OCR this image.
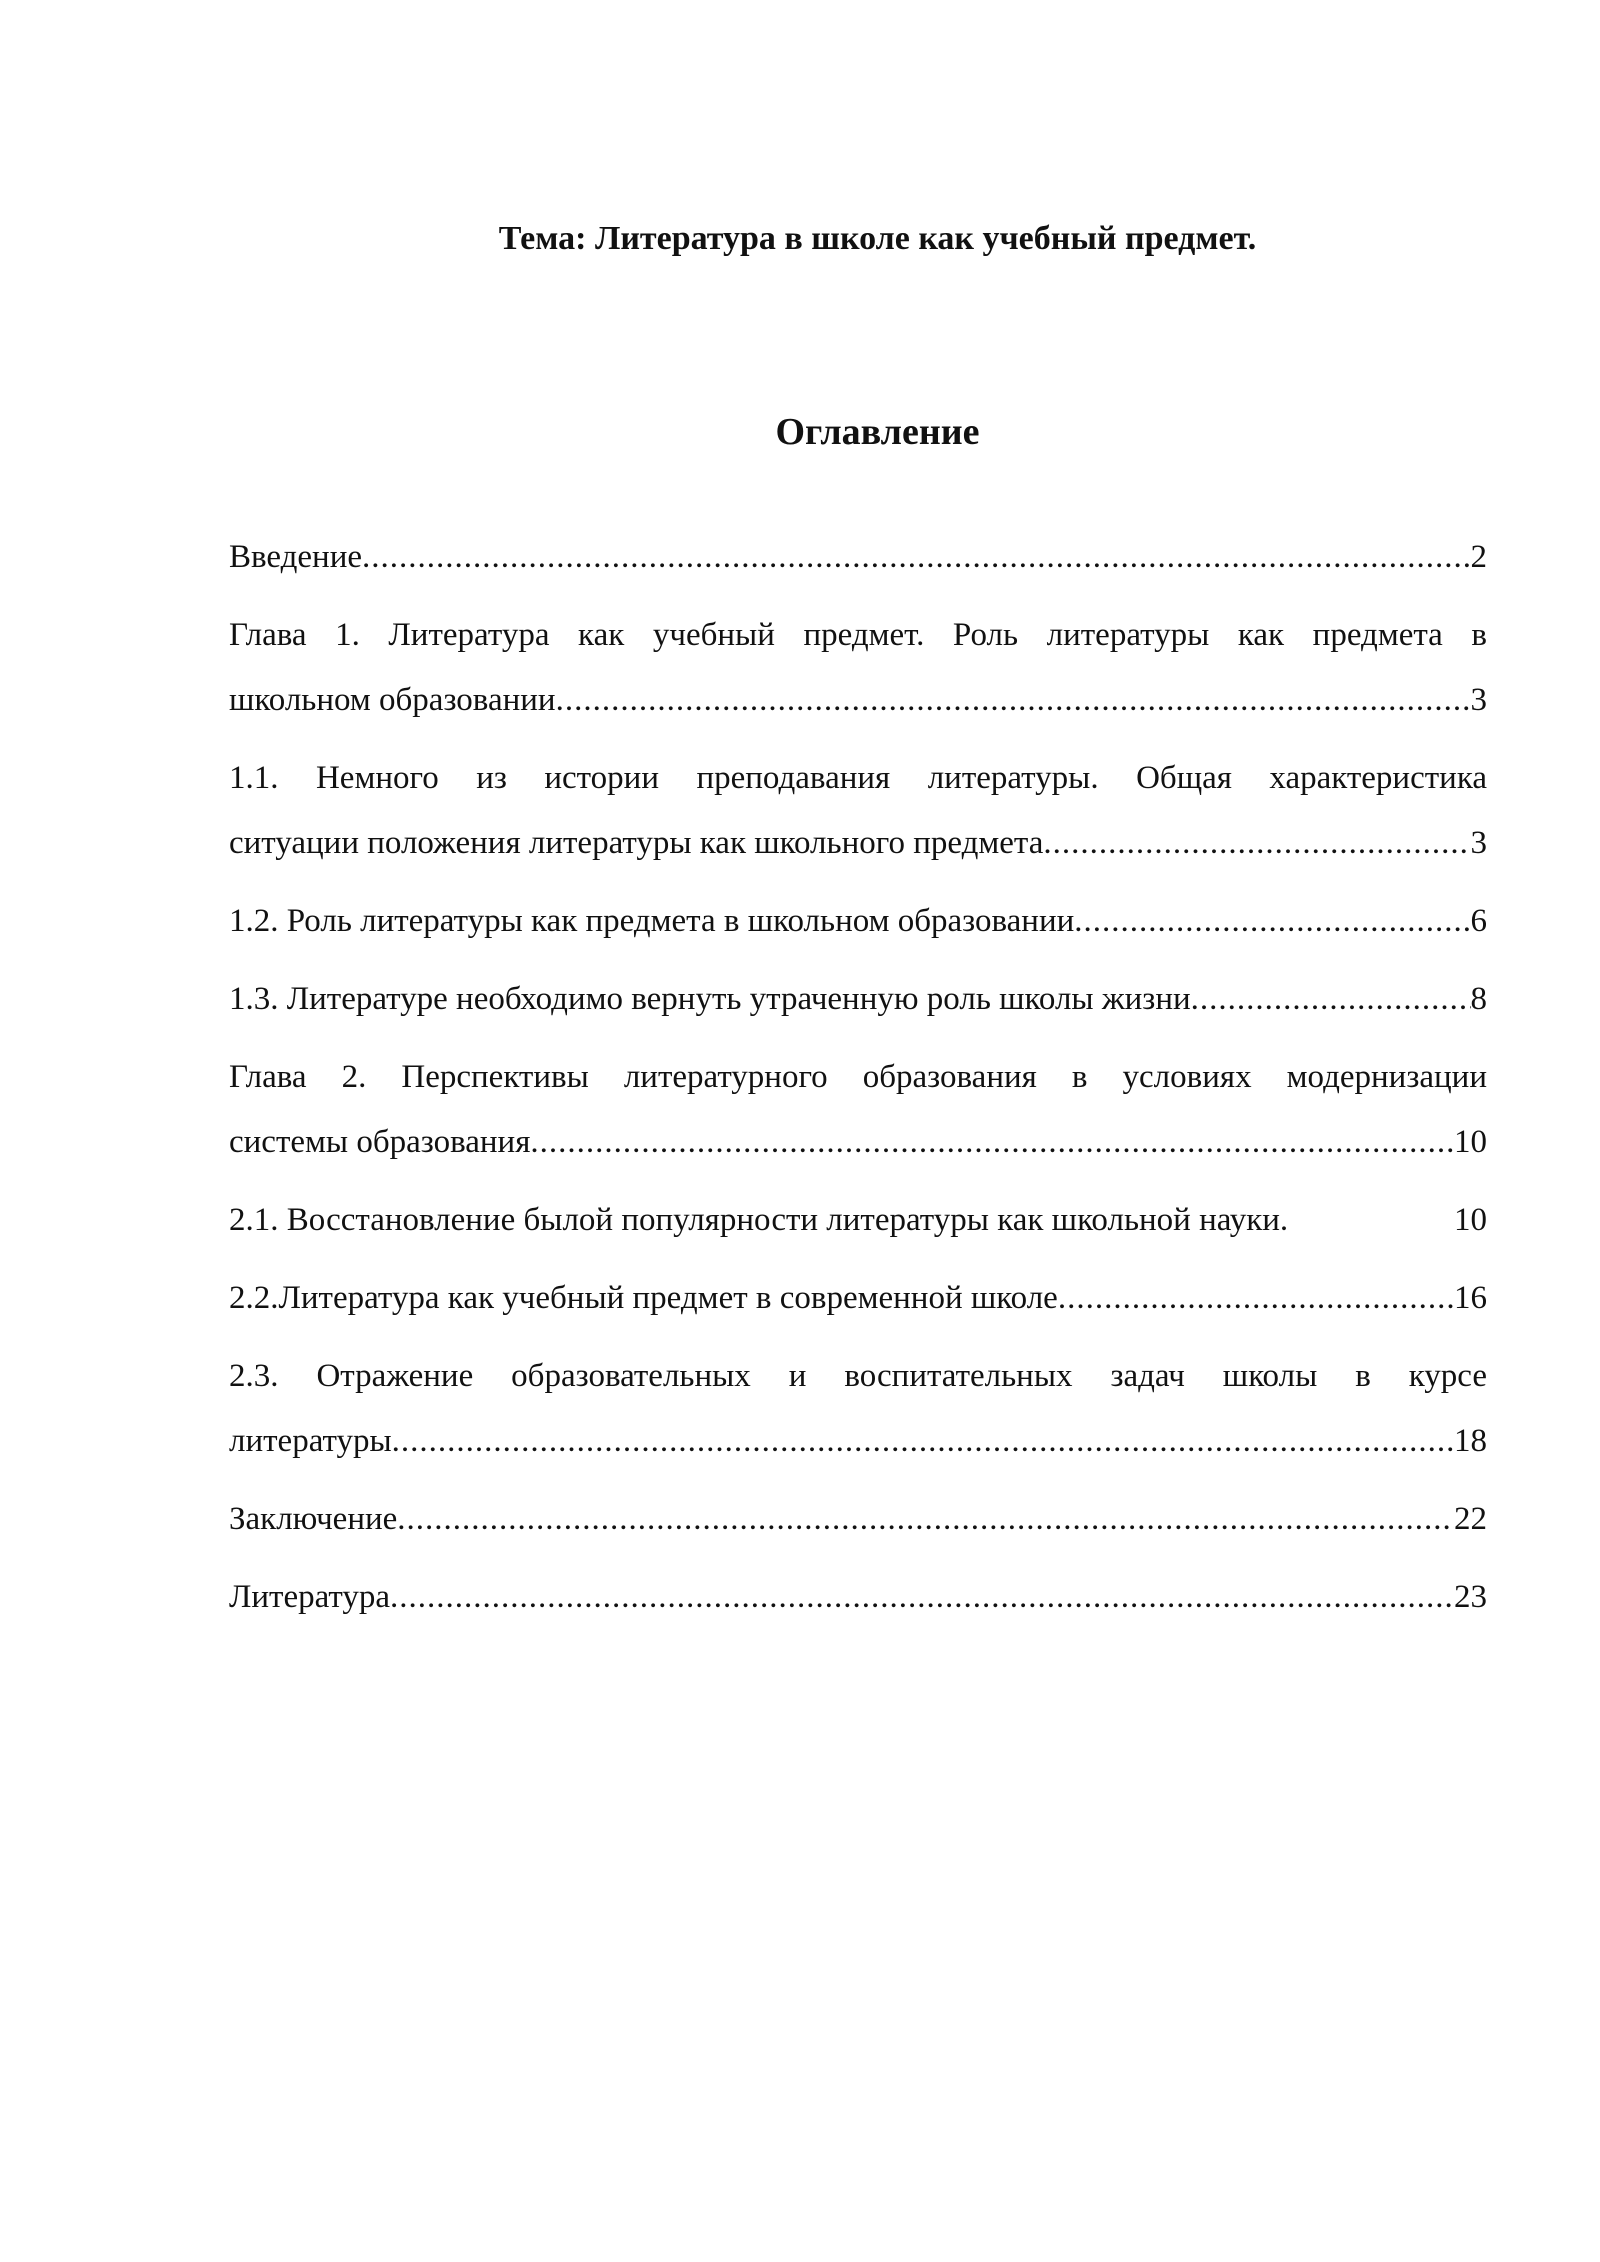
Тема: Литература в школе как учебный предмет.
Оглавление
Введение .....	2
Глава 1. Литература как учебный предмет. Роль литературы как предмета в
школьном образовании .....	3
1.1. Немного из истории преподавания литературы. Общая характеристика
ситуации положения литературы как школьного предмета .....	3
1.2. Роль литературы как предмета в школьном образовании .....	6
1.3. Литературе необходимо вернуть утраченную роль школы жизни .....	8
Глава 2. Перспективы литературного образования в условиях модернизации
системы образования .....	10
2.1. Восстановление былой популярности литературы как школьной науки.	10
2.2.Литература как учебный предмет в современной школе .....	16
2.3. Отражение образовательных и воспитательных задач школы в курсе
литературы .....	18
Заключение .....	22
Литература .....	23
